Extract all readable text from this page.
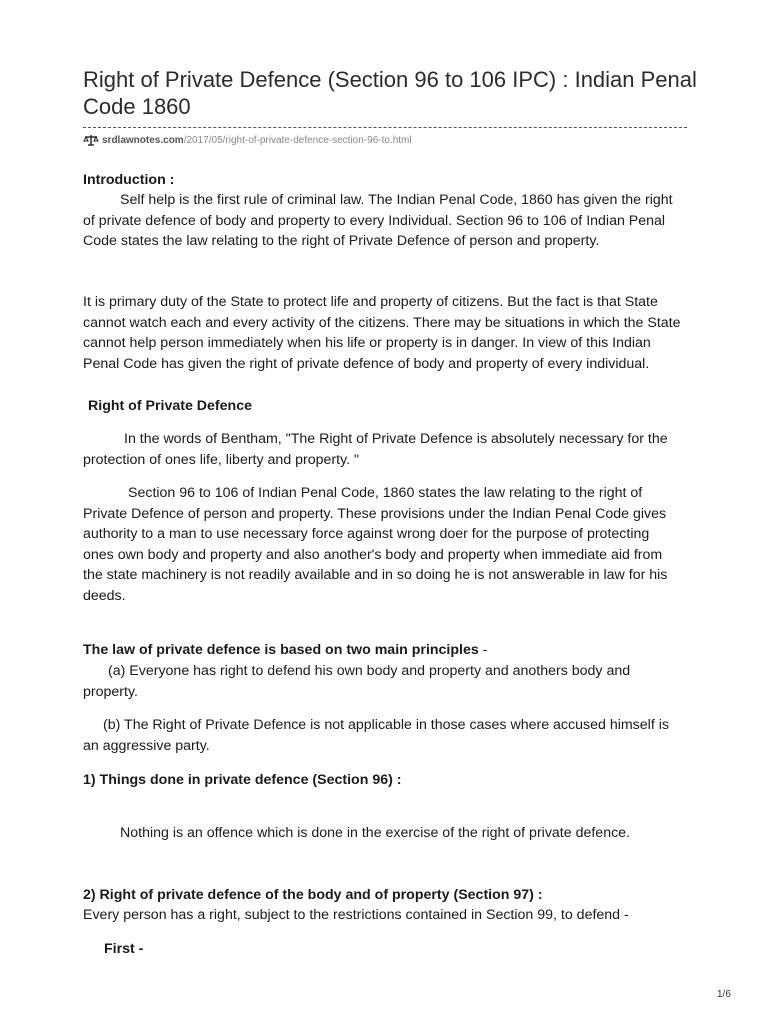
Right of Private Defence (Section 96 to 106 IPC) : Indian Penal Code 1860
srdlawnotes.com /2017/05/right-of-private-defence-section-96-to.html

Introduction :

Self help is the first rule of criminal law. The Indian Penal Code, 1860 has given the right of private defence of body and property to every Individual. Section 96 to 106 of Indian Penal Code states the law relating to the right of Private Defence of person and property.

It is primary duty of the State to protect life and property of citizens. But the fact is that State cannot watch each and every activity of the citizens. There may be situations in which the State cannot help person immediately when his life or property is in danger. In view of this Indian Penal Code has given the right of private defence of body and property of every individual.

Right of Private Defence

In the words of Bentham, "The Right of Private Defence is absolutely necessary for the protection of ones life, liberty and property. "

Section 96 to 106 of Indian Penal Code, 1860 states the law relating to the right of Private Defence of person and property. These provisions under the Indian Penal Code gives authority to a man to use necessary force against wrong doer for the purpose of protecting ones own body and property and also another's body and property when immediate aid from the state machinery is not readily available and in so doing he is not answerable in law for his deeds.

The law of private defence is based on two main principles -

(a) Everyone has right to defend his own body and property and anothers body and property.

(b) The Right of Private Defence is not applicable in those cases where accused himself is an aggressive party.

1) Things done in private defence (Section 96) :

Nothing is an offence which is done in the exercise of the right of private defence.

2) Right of private defence of the body and of property (Section 97) :

Every person has a right, subject to the restrictions contained in Section 99, to defend -

First -

1/6
